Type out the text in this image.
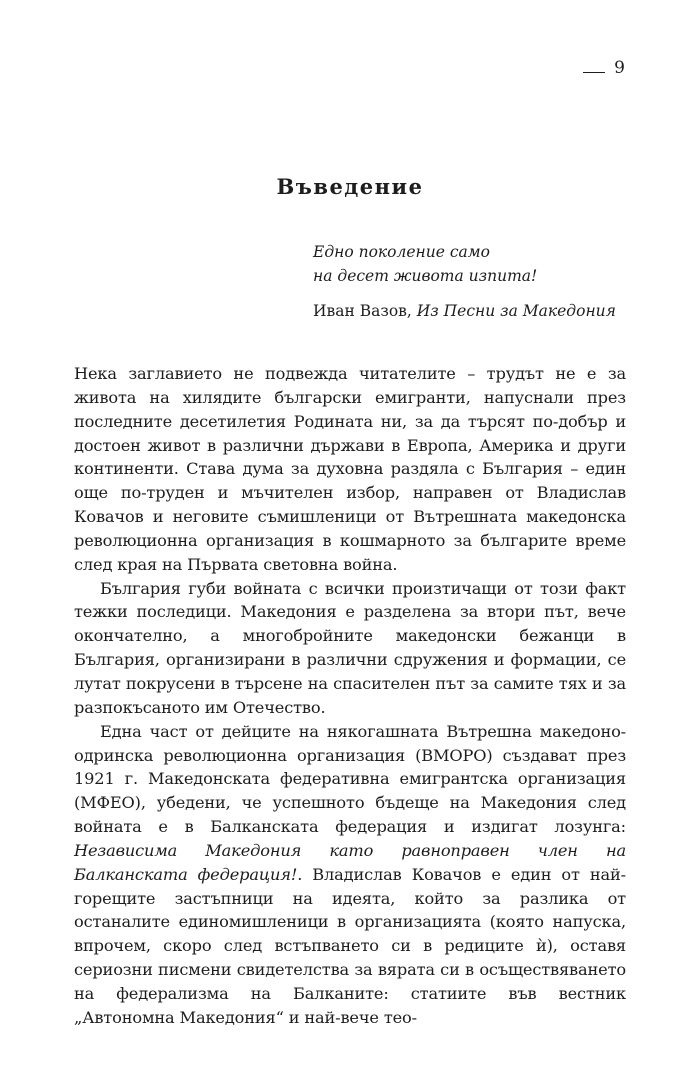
9
Въведение
Едно поколение само
на десет живота изпита!
Иван Вазов, Из Песни за Македония

Нека заглавието не подвежда читателите – трудът не е за живота на хилядите български емигранти, напуснали през последните десетилетия Родината ни, за да търсят по-добър и достоен живот в различни държави в Европа, Америка и други континенти. Става дума за духовна раздяла с България – един още по-труден и мъчителен избор, направен от Владислав Ковачов и неговите съмишленици от Вътрешната македонска революционна организация в кошмарното за българите време след края на Първата световна война.

България губи войната с всички произтичащи от този факт тежки последици. Македония е разделена за втори път, вече окончателно, а многобройните македонски бежанци в България, организирани в различни сдружения и формации, се лутат покрусени в търсене на спасителен път за самите тях и за разпокъсаното им Отечество.

Една част от дейците на някогашната Вътрешна македоно-одринска революционна организация (ВМОРО) създават през 1921 г. Македонската федеративна емигрантска организация (МФЕО), убедени, че успешното бъдеще на Македония след войната е в Балканската федерация и издигат лозунга: Независима Македония като равноправен член на Балканската федерация!. Владислав Ковачов е един от най-горещите застъпници на идеята, който за разлика от останалите единомишленици в организацията (която напуска, впрочем, скоро след встъпването си в редиците ѝ), оставя сериозни писмени свидетелства за вярата си в осъществяването на федерализма на Балканите: статиите във вестник „Автономна Македония“ и най-вече тео-
